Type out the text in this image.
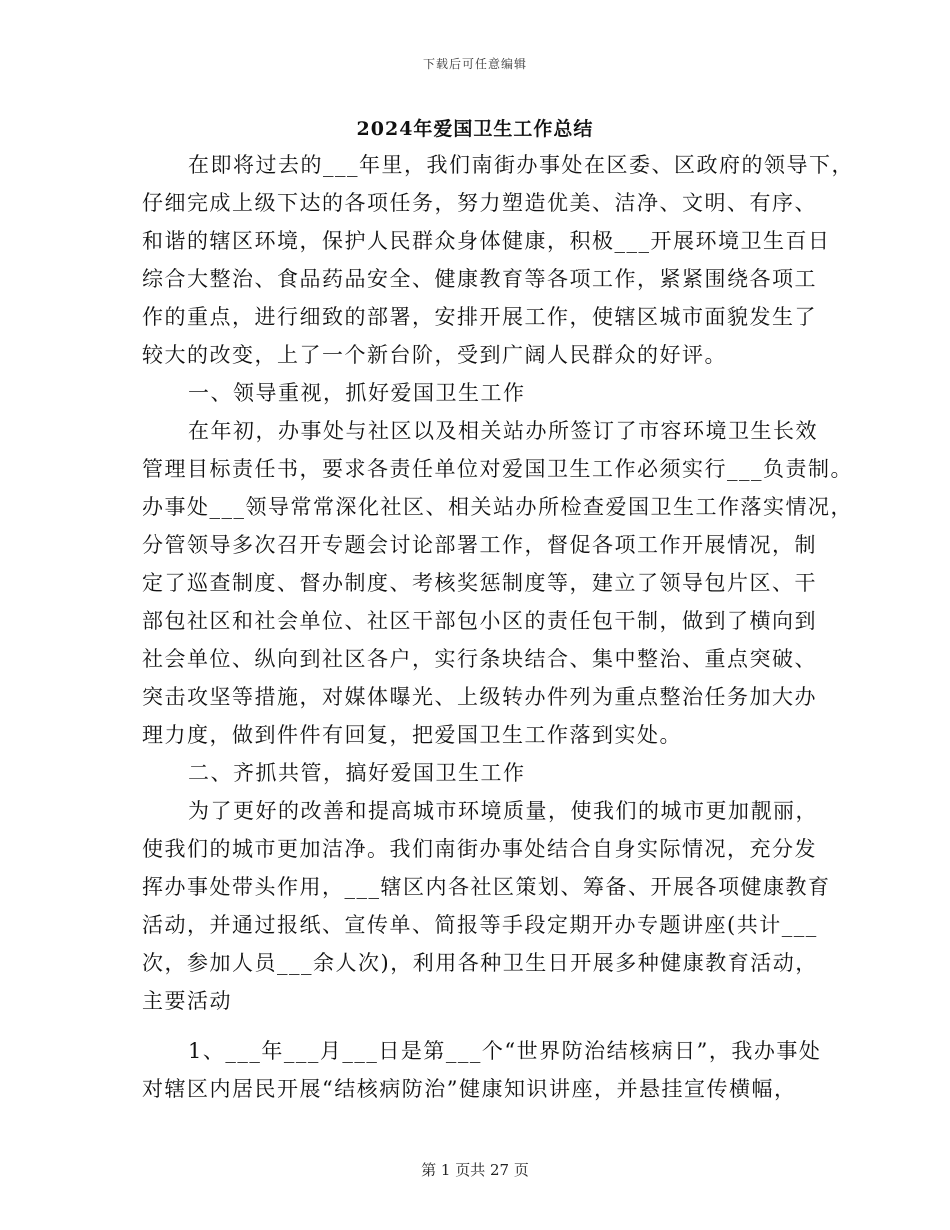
下载后可任意编辑
2024年爱国卫生工作总结
在即将过去的___年里，我们南街办事处在区委、区政府的领导下，
仔细完成上级下达的各项任务，努力塑造优美、洁净、文明、有序、
和谐的辖区环境，保护人民群众身体健康，积极___开展环境卫生百日
综合大整治、食品药品安全、健康教育等各项工作，紧紧围绕各项工
作的重点，进行细致的部署，安排开展工作，使辖区城市面貌发生了
较大的改变，上了一个新台阶，受到广阔人民群众的好评。
一、领导重视，抓好爱国卫生工作
在年初，办事处与社区以及相关站办所签订了市容环境卫生长效
管理目标责任书，要求各责任单位对爱国卫生工作必须实行___负责制。
办事处___领导常常深化社区、相关站办所检查爱国卫生工作落实情况，
分管领导多次召开专题会讨论部署工作，督促各项工作开展情况，制
定了巡查制度、督办制度、考核奖惩制度等，建立了领导包片区、干
部包社区和社会单位、社区干部包小区的责任包干制，做到了横向到
社会单位、纵向到社区各户，实行条块结合、集中整治、重点突破、
突击攻坚等措施，对媒体曝光、上级转办件列为重点整治任务加大办
理力度，做到件件有回复，把爱国卫生工作落到实处。
二、齐抓共管，搞好爱国卫生工作
为了更好的改善和提高城市环境质量，使我们的城市更加靓丽，
使我们的城市更加洁净。我们南街办事处结合自身实际情况，充分发
挥办事处带头作用，___辖区内各社区策划、筹备、开展各项健康教育
活动，并通过报纸、宣传单、简报等手段定期开办专题讲座(共计___
次，参加人员___余人次)，利用各种卫生日开展多种健康教育活动，
主要活动
1、___年___月___日是第___个“世界防治结核病日”，我办事处
对辖区内居民开展“结核病防治”健康知识讲座，并悬挂宣传横幅，
第 1 页共 27 页
